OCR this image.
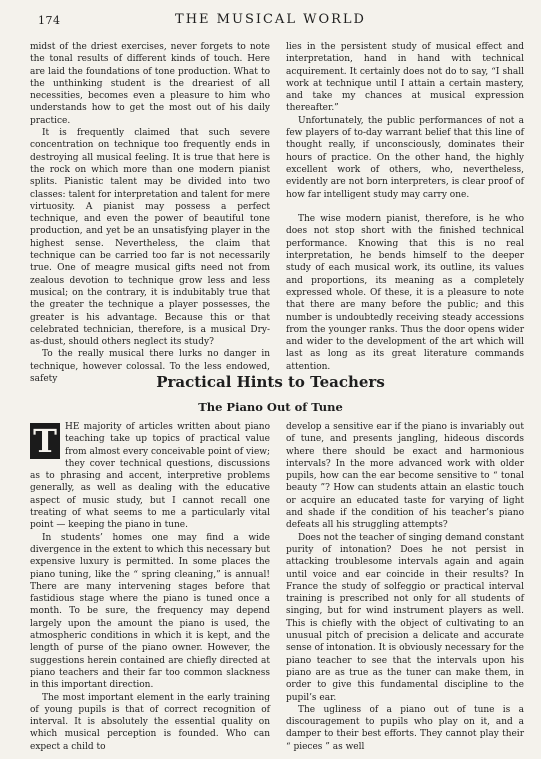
174	THE MUSICAL WORLD

midst of the driest exercises, never forgets to note the tonal results of different kinds of touch. Here are laid the foundations of tone production. What to the unthinking student is the dreariest of all necessities, becomes even a pleasure to him who understands how to get the most out of his daily practice.

It is frequently claimed that such severe concentration on technique too frequently ends in destroying all musical feeling. It is true that here is the rock on which more than one modern pianist splits. Pianistic talent may be divided into two classes: talent for interpretation and talent for mere virtuosity. A pianist may possess a perfect technique, and even the power of beautiful tone production, and yet be an unsatisfying player in the highest sense. Nevertheless, the claim that technique can be carried too far is not necessarily true. One of meagre musical gifts need not from zealous devotion to technique grow less and less musical; on the contrary, it is indubitably true that the greater the technique a player possesses, the greater is his advantage. Because this or that celebrated technician, therefore, is a musical Dry-as-dust, should others neglect its study?

To the really musical there lurks no danger in technique, however colossal. To the less endowed, safety

lies in the persistent study of musical effect and interpretation, hand in hand with technical acquirement. It certainly does not do to say, “I shall work at technique until I attain a certain mastery, and take my chances at musical expression thereafter.”

Unfortunately, the public performances of not a few players of to-day warrant belief that this line of thought really, if unconsciously, dominates their hours of practice. On the other hand, the highly excellent work of others, who, nevertheless, evidently are not born interpreters, is clear proof of how far intelligent study may carry one.

The wise modern pianist, therefore, is he who does not stop short with the finished technical performance. Knowing that this is no real interpretation, he bends himself to the deeper study of each musical work, its outline, its values and proportions, its meaning as a completely expressed whole. Of these, it is a pleasure to note that there are many before the public; and this number is undoubtedly receiving steady accessions from the younger ranks. Thus the door opens wider and wider to the development of the art which will last as long as its great literature commands attention.

Practical Hints to Teachers
The Piano Out of Tune
T HE majority of articles written about piano teaching take up topics of practical value from almost every conceivable point of view; they cover technical questions, discussions as to phrasing and accent, interpretive problems generally, as well as dealing with the educative aspect of music study, but I cannot recall one treating of what seems to me a particularly vital point — keeping the piano in tune.

In students’ homes one may find a wide divergence in the extent to which this necessary but expensive luxury is permitted. In some places the piano tuning, like the “ spring cleaning,” is annual! There are many intervening stages before that fastidious stage where the piano is tuned once a month. To be sure, the frequency may depend largely upon the amount the piano is used, the atmospheric conditions in which it is kept, and the length of purse of the piano owner. However, the suggestions herein contained are chiefly directed at piano teachers and their far too common slackness in this important direction.

The most important element in the early training of young pupils is that of correct recognition of interval. It is absolutely the essential quality on which musical perception is founded. Who can expect a child to

develop a sensitive ear if the piano is invariably out of tune, and presents jangling, hideous discords where there should be exact and harmonious intervals? In the more advanced work with older pupils, how can the ear become sensitive to “ tonal beauty ”? How can students attain an elastic touch or acquire an educated taste for varying of light and shade if the condition of his teacher’s piano defeats all his struggling attempts?

Does not the teacher of singing demand constant purity of intonation? Does he not persist in attacking troublesome intervals again and again until voice and ear coincide in their results? In France the study of solfeggio or practical interval training is prescribed not only for all students of singing, but for wind instrument players as well. This is chiefly with the object of cultivating to an unusual pitch of precision a delicate and accurate sense of intonation. It is obviously necessary for the piano teacher to see that the intervals upon his piano are as true as the tuner can make them, in order to give this fundamental discipline to the pupil’s ear.

The ugliness of a piano out of tune is a discouragement to pupils who play on it, and a damper to their best efforts. They cannot play their “ pieces ” as well
